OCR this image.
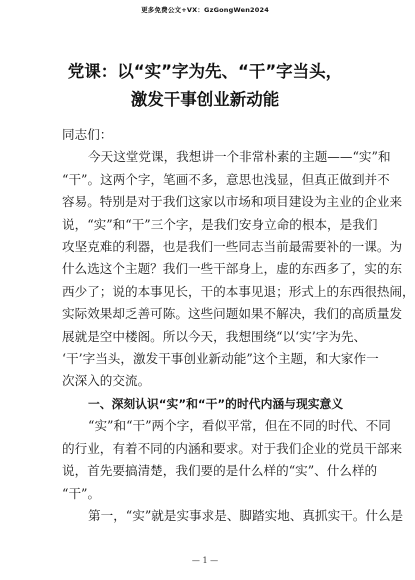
更多免费公文+VX：GzGongWen2024
党课：以“实”字为先、“干”字当头，
激发干事创业新动能
同志们：
今天这堂党课，我想讲一个非常朴素的主题——“实”和
“干”。这两个字，笔画不多，意思也浅显，但真正做到并不
容易。特别是对于我们这家以市场和项目建设为主业的企业来
说，“实”和“干”三个字，是我们安身立命的根本，是我们
攻坚克难的利器，也是我们一些同志当前最需要补的一课。为
什么选这个主题？我们一些干部身上，虚的东西多了，实的东
西少了；说的本事见长，干的本事见退；形式上的东西很热闹，
实际效果却乏善可陈。这些问题如果不解决，我们的高质量发
展就是空中楼阁。所以今天，我想围绕“以‘实’字为先、
‘干’字当头，激发干事创业新动能”这个主题，和大家作一
次深入的交流。
一、深刻认识“实”和“干”的时代内涵与现实意义
“实”和“干”两个字，看似平常，但在不同的时代、不同
的行业，有着不同的内涵和要求。对于我们企业的党员干部来
说，首先要搞清楚，我们要的是什么样的“实”、什么样的
“干”。
第一，“实”就是实事求是、脚踏实地、真抓实干。什么是
— 1 —
